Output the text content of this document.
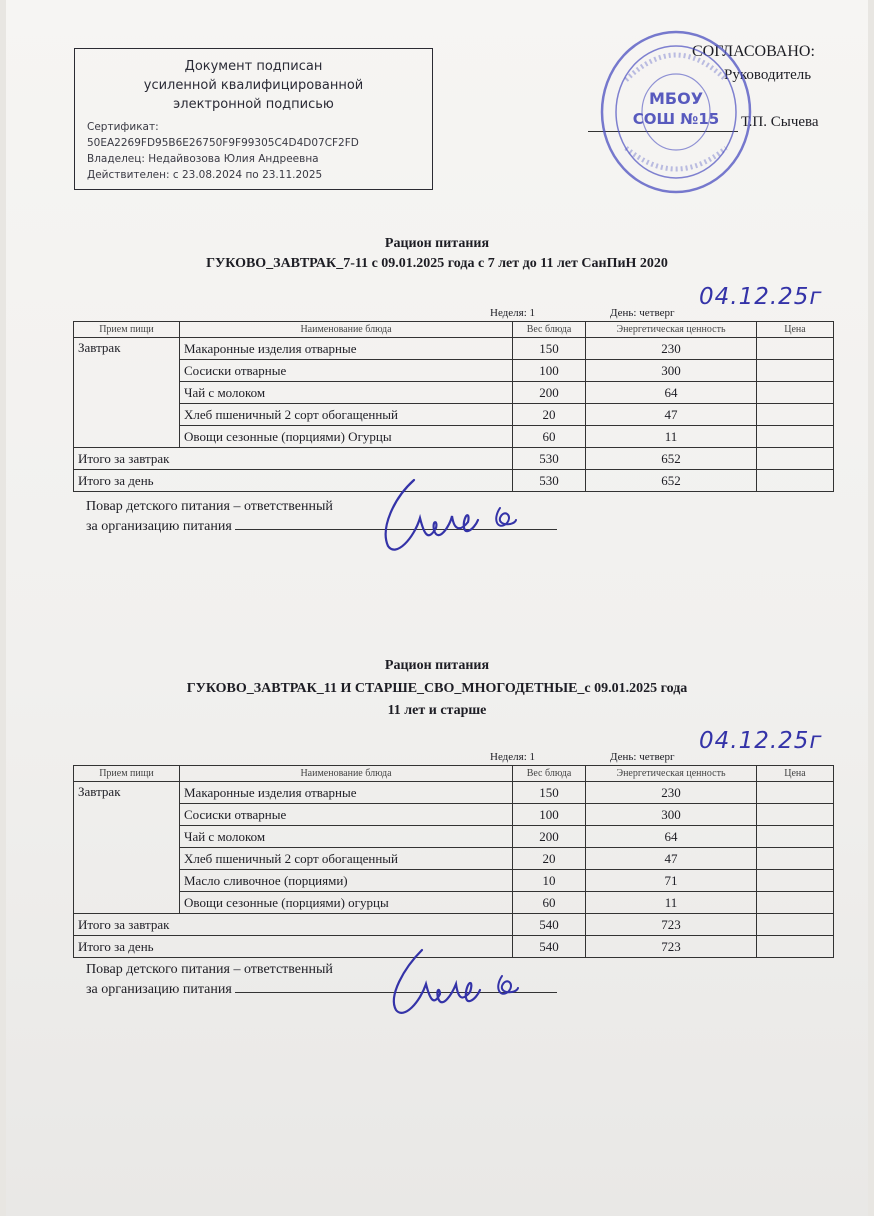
Документ подписан
усиленной квалифицированной
электронной подписью
Сертификат:
50EA2269FD95B6E26750F9F99305C4D4D07CF2FD
Владелец: Недайвозова Юлия Андреевна
Действителен: с 23.08.2024 по 23.11.2025
СОГЛАСОВАНО:
Руководитель
Т.П. Сычева
МБОУ
СОШ №15
Рацион питания
ГУКОВО_ЗАВТРАК_7-11 с 09.01.2025 года с 7 лет до 11 лет СанПиН 2020
Неделя: 1	День: четверг
04.12.25г
Прием пищи	Наименование блюда	Вес блюда	Энергетическая ценность	Цена
Завтрак	Макаронные изделия отварные	150	230	
	Сосиски отварные	100	300	
	Чай с молоком	200	64	
	Хлеб пшеничный 2 сорт обогащенный	20	47	
	Овощи сезонные (порциями) Огурцы	60	11	
Итого за завтрак		530	652	
Итого за день		530	652	
Повар детского питания – ответственный
за организацию питания
Рацион питания
ГУКОВО_ЗАВТРАК_11 И СТАРШЕ_СВО_МНОГОДЕТНЫЕ_с 09.01.2025 года
11 лет и старше
Неделя: 1	День: четверг
04.12.25г
Прием пищи	Наименование блюда	Вес блюда	Энергетическая ценность	Цена
Завтрак	Макаронные изделия отварные	150	230	
	Сосиски отварные	100	300	
	Чай с молоком	200	64	
	Хлеб пшеничный 2 сорт обогащенный	20	47	
	Масло сливочное (порциями)	10	71	
	Овощи сезонные (порциями) огурцы	60	11	
Итого за завтрак		540	723	
Итого за день		540	723	
Повар детского питания – ответственный
за организацию питания
